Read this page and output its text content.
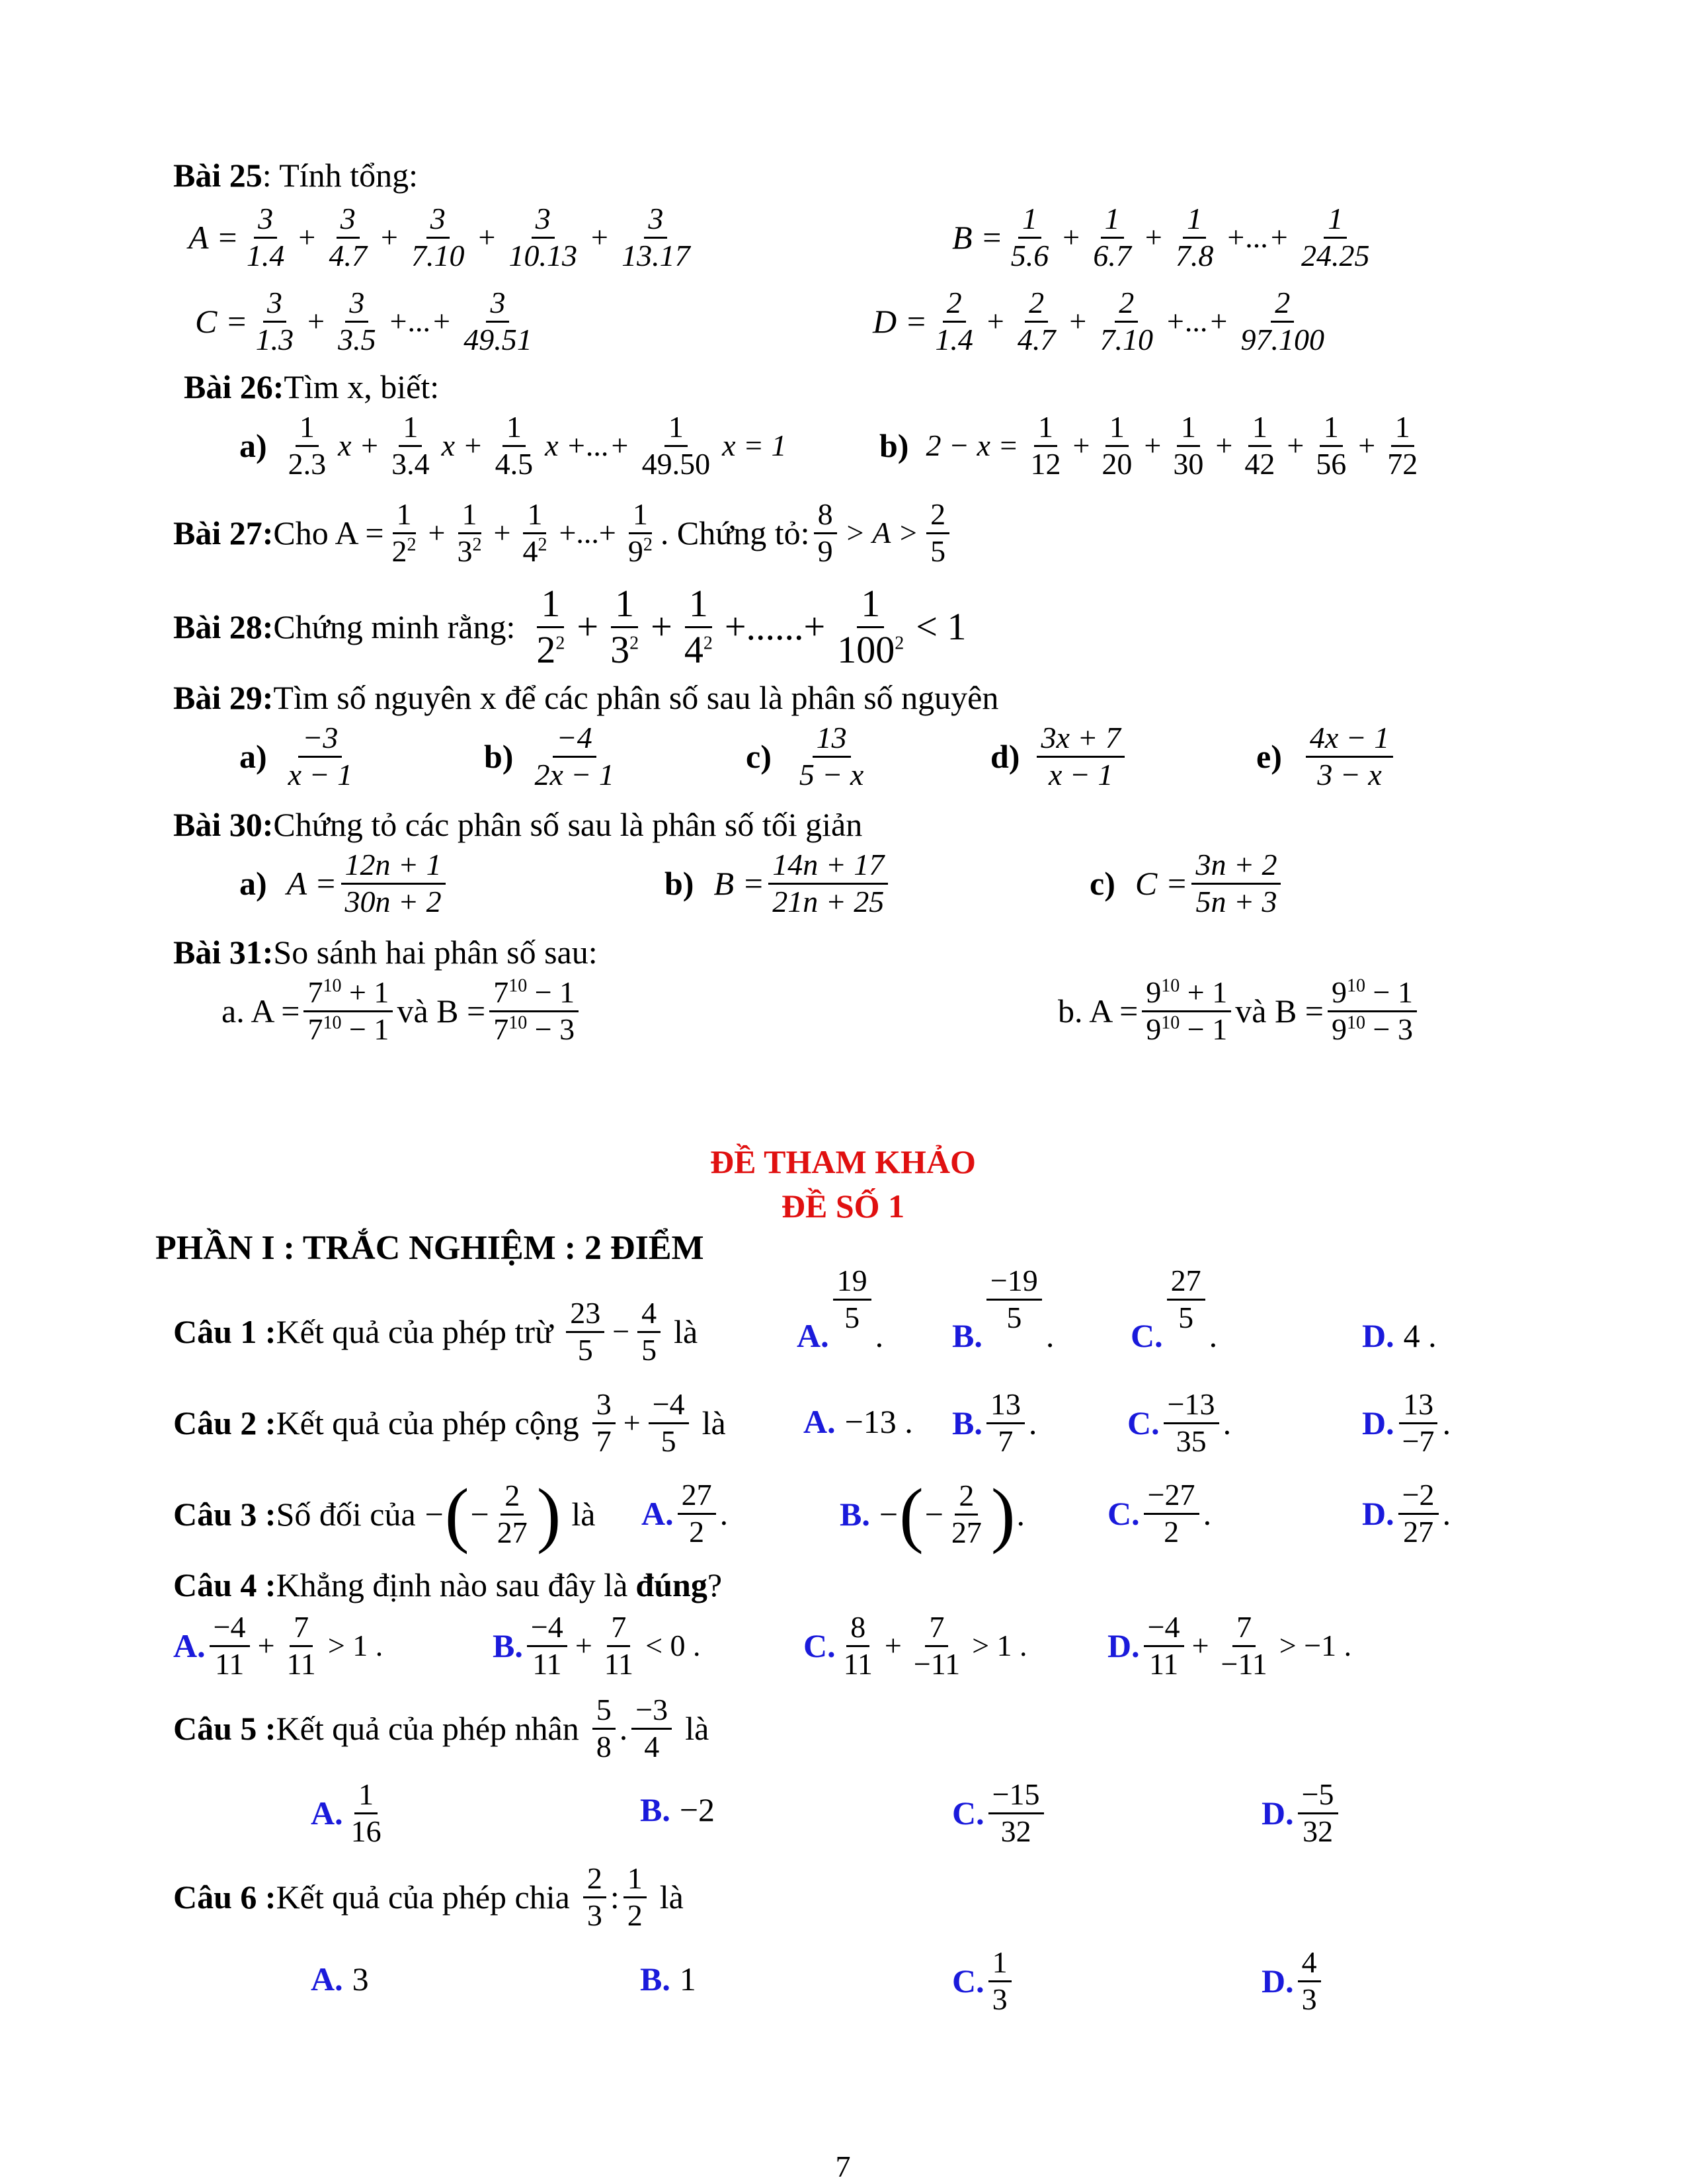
Bài 25 : Tính tổng:
$A = \frac{3}{1.4} + \frac{3}{4.7} + \frac{3}{7.10} + \frac{3}{10.13} + \frac{3}{13.17}$	$B = \frac{1}{5.6} + \frac{1}{6.7} + \frac{1}{7.8}$ +...+ $\frac{1}{24.25}$
$C = \frac{3}{1.3} + \frac{3}{3.5}$ +...+ $\frac{3}{49.51}$	$D = \frac{2}{1.4} + \frac{2}{4.7} + \frac{2}{7.10}$ +...+ $\frac{2}{97.100}$
Bài 26: Tìm x, biết:
a)
1
2.3
$x + \frac{1}{3.4}$ $x + \frac{1}{4.5}$ x +...+ $\frac{1}{49.50}$ x = 1	b) $2 - x = \frac{1}{12} + \frac{1}{20} + \frac{1}{30} + \frac{1}{42} + \frac{1}{56} + \frac{1}{72}$
Bài 27: Cho $A = \frac{1}{2^2} + \frac{1}{3^2} + \frac{1}{4^2}$ +...+ $\frac{1}{9^2}$ . Chứng tỏ:
8
9
> A >
2
5
Bài 28: Chứng minh rằng:
1
$2^2 + \frac{1}{3^2} + \frac{1}{4^2}$ +......+ $\frac{1}{100^2} < 1$
Bài 29: Tìm số nguyên x để các phân số sau là phân số nguyên
a)
−3
x − 1	b)
−4
2x − 1	c)
13
5 − x	d)
3x + 7
x − 1	e)
4x − 1
3 − x
Bài 30: Chứng tỏ các phân số sau là phân số tối giản
a) $A = \frac{12n + 1}{30n + 2}$	b) $B = \frac{14n + 17}{21n + 25}$	c) $C = \frac{3n + 2}{5n + 3}$
Bài 31: So sánh hai phân số sau:
a. $A = \frac{7^{10} + 1}{7^{10} - 1}$ và $B = \frac{7^{10} - 1}{7^{10} - 3}$	b. $A = \frac{9^{10} + 1}{9^{10} - 1}$ và $B = \frac{9^{10} - 1}{9^{10} - 3}$
ĐỀ THAM KHẢO
ĐỀ SỐ 1
PHẦN I : TRẮC NGHIỆM : 2 ĐIỂM
Câu 1 : Kết quả của phép trừ
23
5
− $\frac{4}{5}$ là	A.
19
5 . B.
−19
5 . C.
27
5 .	D. 4 .
Câu 2 : Kết quả của phép cộng
3
7
+ $\frac{-4}{5}$ là A. −13 . B.
13
7 .	C.
−13
35 .	D.
13
−7 .
Câu 3 : Số đối của − ( − $\frac{2}{27}$ ) là A.
27
2 .	B. − ( − $\frac{2}{27}$ ) . C.
−27
2 .	D.
−2
27 .
Câu 4 : Khẳng định nào sau đây là đúng ?
A.
−4
11
+ $\frac{7}{11} > 1$ .	B.
−4
11
+ $\frac{7}{11} < 0$ .	C.
8
11
+ $\frac{7}{-11} > 1$ . D.
−4
11
+ $\frac{7}{-11} > -1$ .
Câu 5 : Kết quả của phép nhân
5
8 .
−3
4 là
A.
1
16
B. −2	C.
−15
32	D.
−5
32
Câu 6 : Kết quả của phép chia
2
3 :
1
2 là
A. 3	B. 1	C.
1
3	D.
4
3
7
